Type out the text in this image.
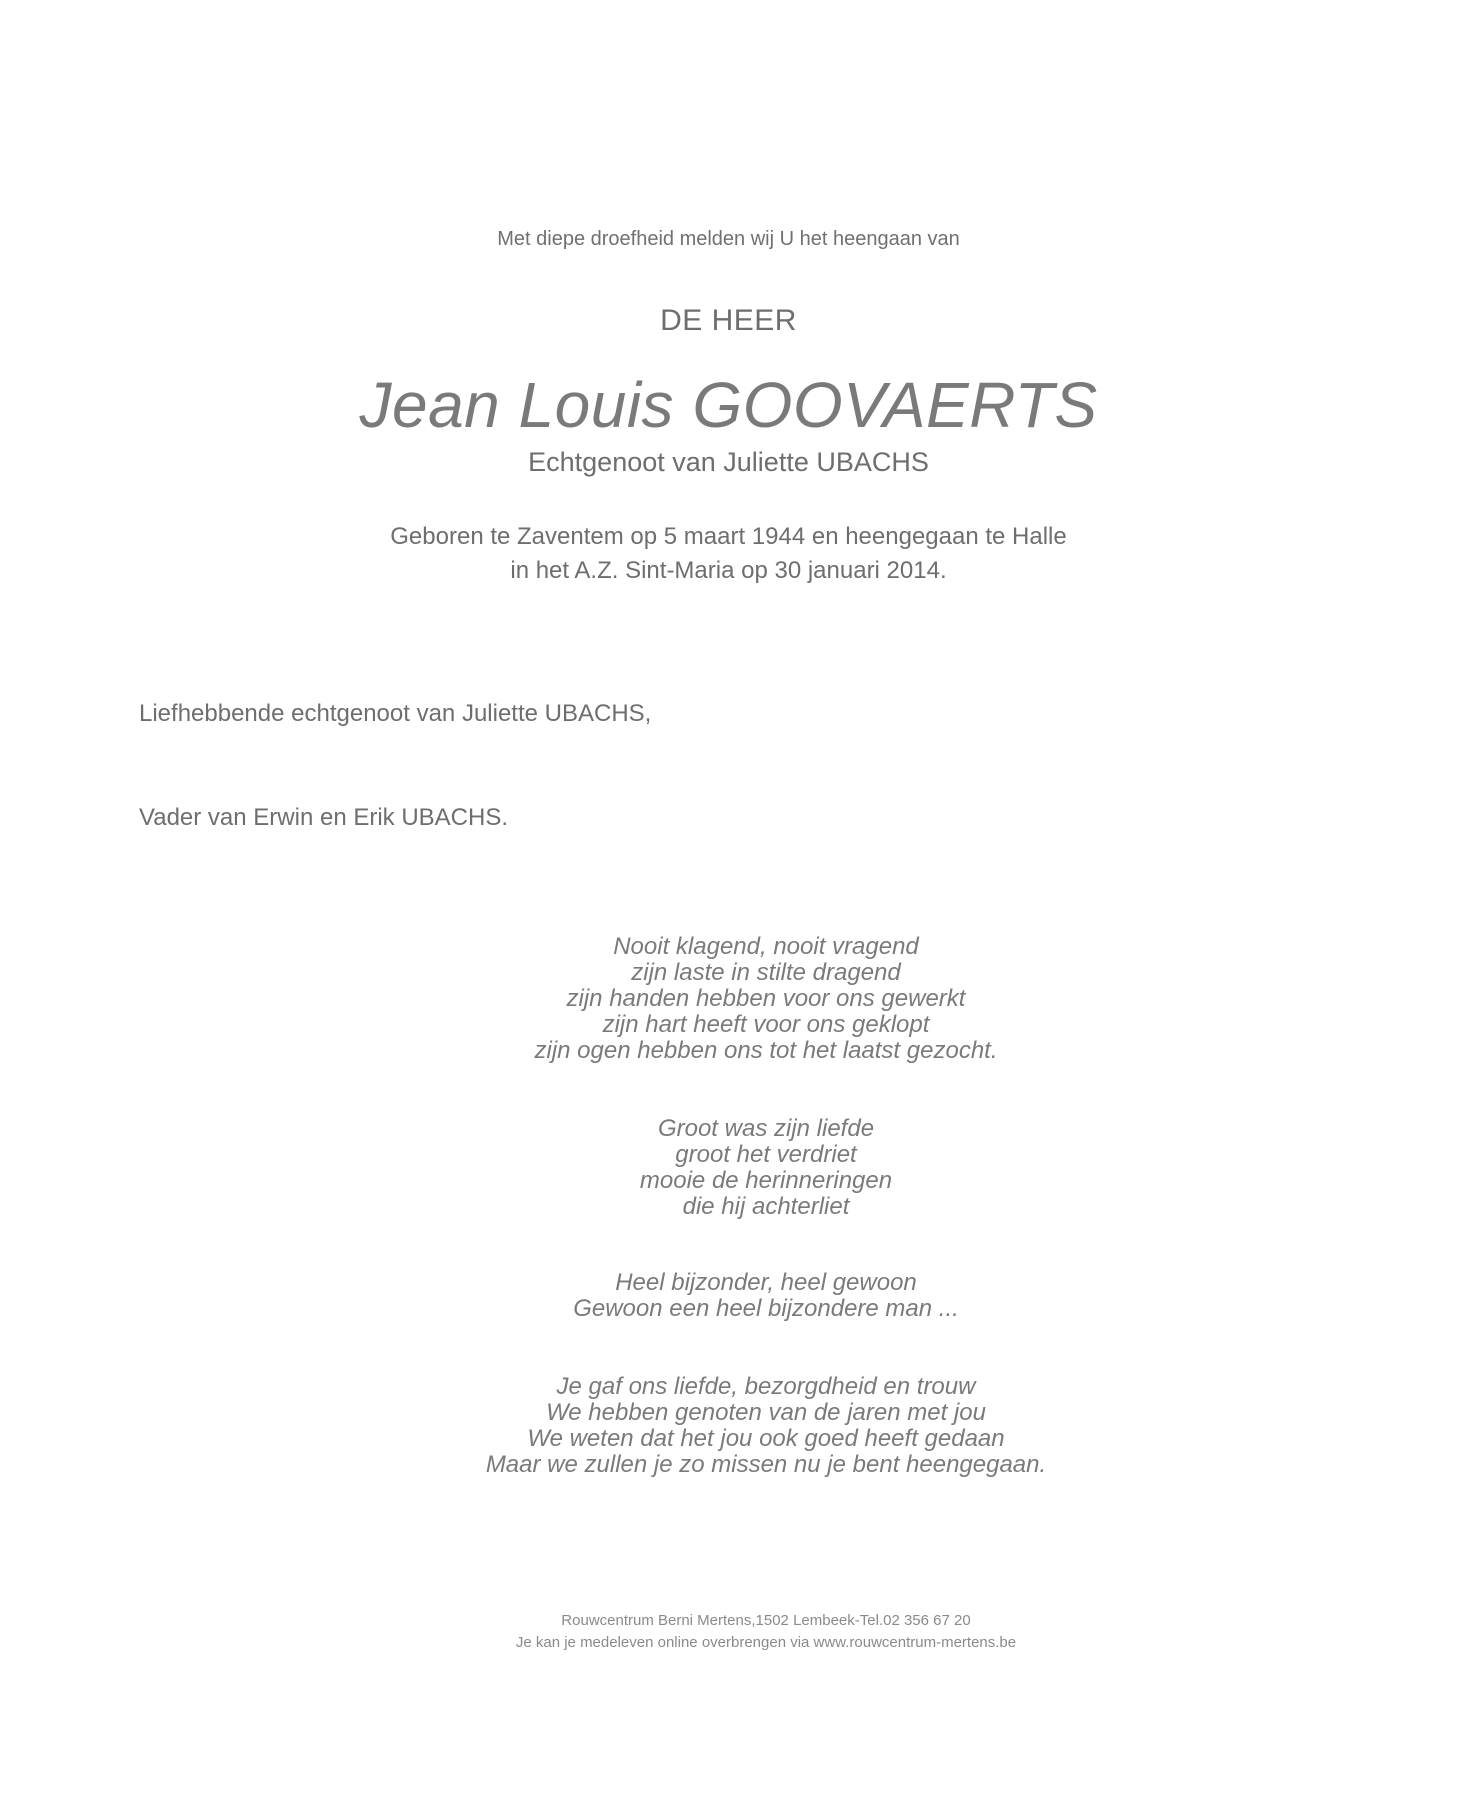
Met diepe droefheid melden wij U het heengaan van
DE HEER
Jean Louis GOOVAERTS
Echtgenoot van Juliette UBACHS
Geboren te Zaventem op 5 maart 1944 en heengegaan te Halle
in het A.Z. Sint-Maria op 30 januari 2014.
Liefhebbende echtgenoot van Juliette UBACHS,
Vader van Erwin en Erik UBACHS.
Nooit klagend, nooit vragend
zijn laste in stilte dragend
zijn handen hebben voor ons gewerkt
zijn hart heeft voor ons geklopt
zijn ogen hebben ons tot het laatst gezocht.
Groot was zijn liefde
groot het verdriet
mooie de herinneringen
die hij achterliet
Heel bijzonder, heel gewoon
Gewoon een heel bijzondere man ...
Je gaf ons liefde, bezorgdheid en trouw
We hebben genoten van de jaren met jou
We weten dat het jou ook goed heeft gedaan
Maar we zullen je zo missen nu je bent heengegaan.
Rouwcentrum Berni Mertens,1502 Lembeek-Tel.02 356 67 20
Je kan je medeleven online overbrengen via www.rouwcentrum-mertens.be
